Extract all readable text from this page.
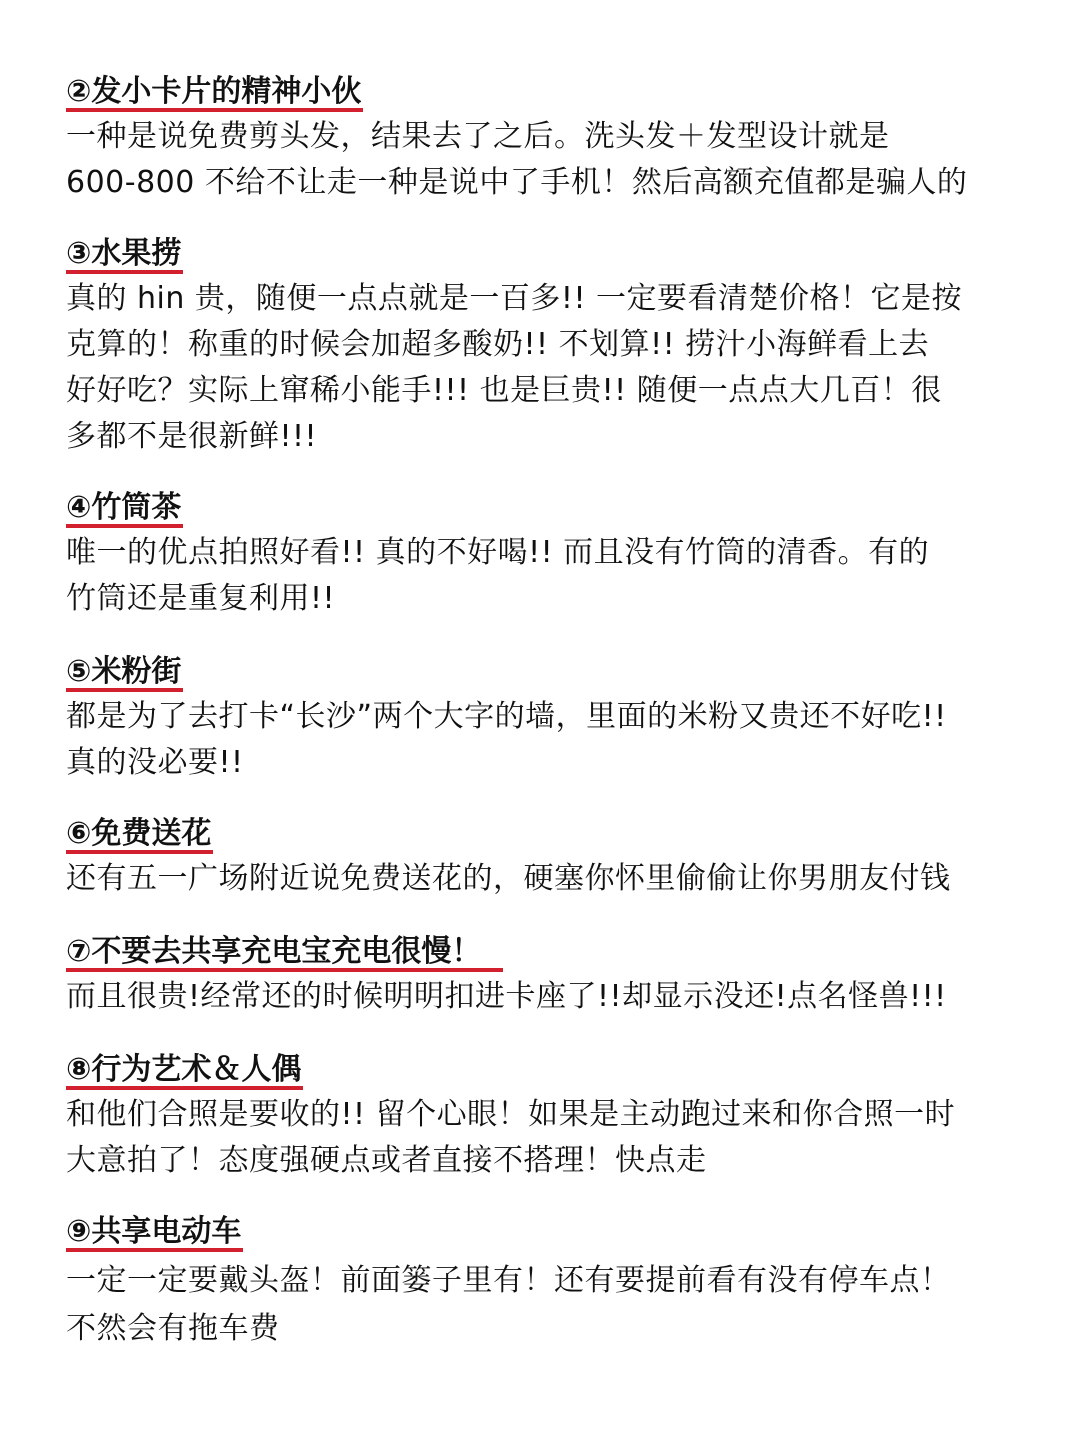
②发小卡片的精神小伙
一种是说免费剪头发，结果去了之后。洗头发＋发型设计就是
600-800 不给不让走一种是说中了手机！然后高额充值都是骗人的
③水果捞
真的 hin 贵，随便一点点就是一百多!! 一定要看清楚价格！它是按
克算的！称重的时候会加超多酸奶!! 不划算!! 捞汁小海鲜看上去
好好吃？实际上窜稀小能手!!! 也是巨贵!! 随便一点点大几百！很
多都不是很新鲜!!!
④竹筒茶
唯一的优点拍照好看!! 真的不好喝!! 而且没有竹筒的清香。有的
竹筒还是重复利用!!
⑤米粉街
都是为了去打卡“长沙”两个大字的墙，里面的米粉又贵还不好吃!!
真的没必要!!
⑥免费送花
还有五一广场附近说免费送花的，硬塞你怀里偷偷让你男朋友付钱
⑦不要去共享充电宝充电很慢！
而且很贵!经常还的时候明明扣进卡座了!!却显示没还!点名怪兽!!!
⑧行为艺术＆人偶
和他们合照是要收的!! 留个心眼！如果是主动跑过来和你合照一时
大意拍了！态度强硬点或者直接不搭理！快点走
⑨共享电动车
一定一定要戴头盔！前面篓子里有！还有要提前看有没有停车点！
不然会有拖车费
